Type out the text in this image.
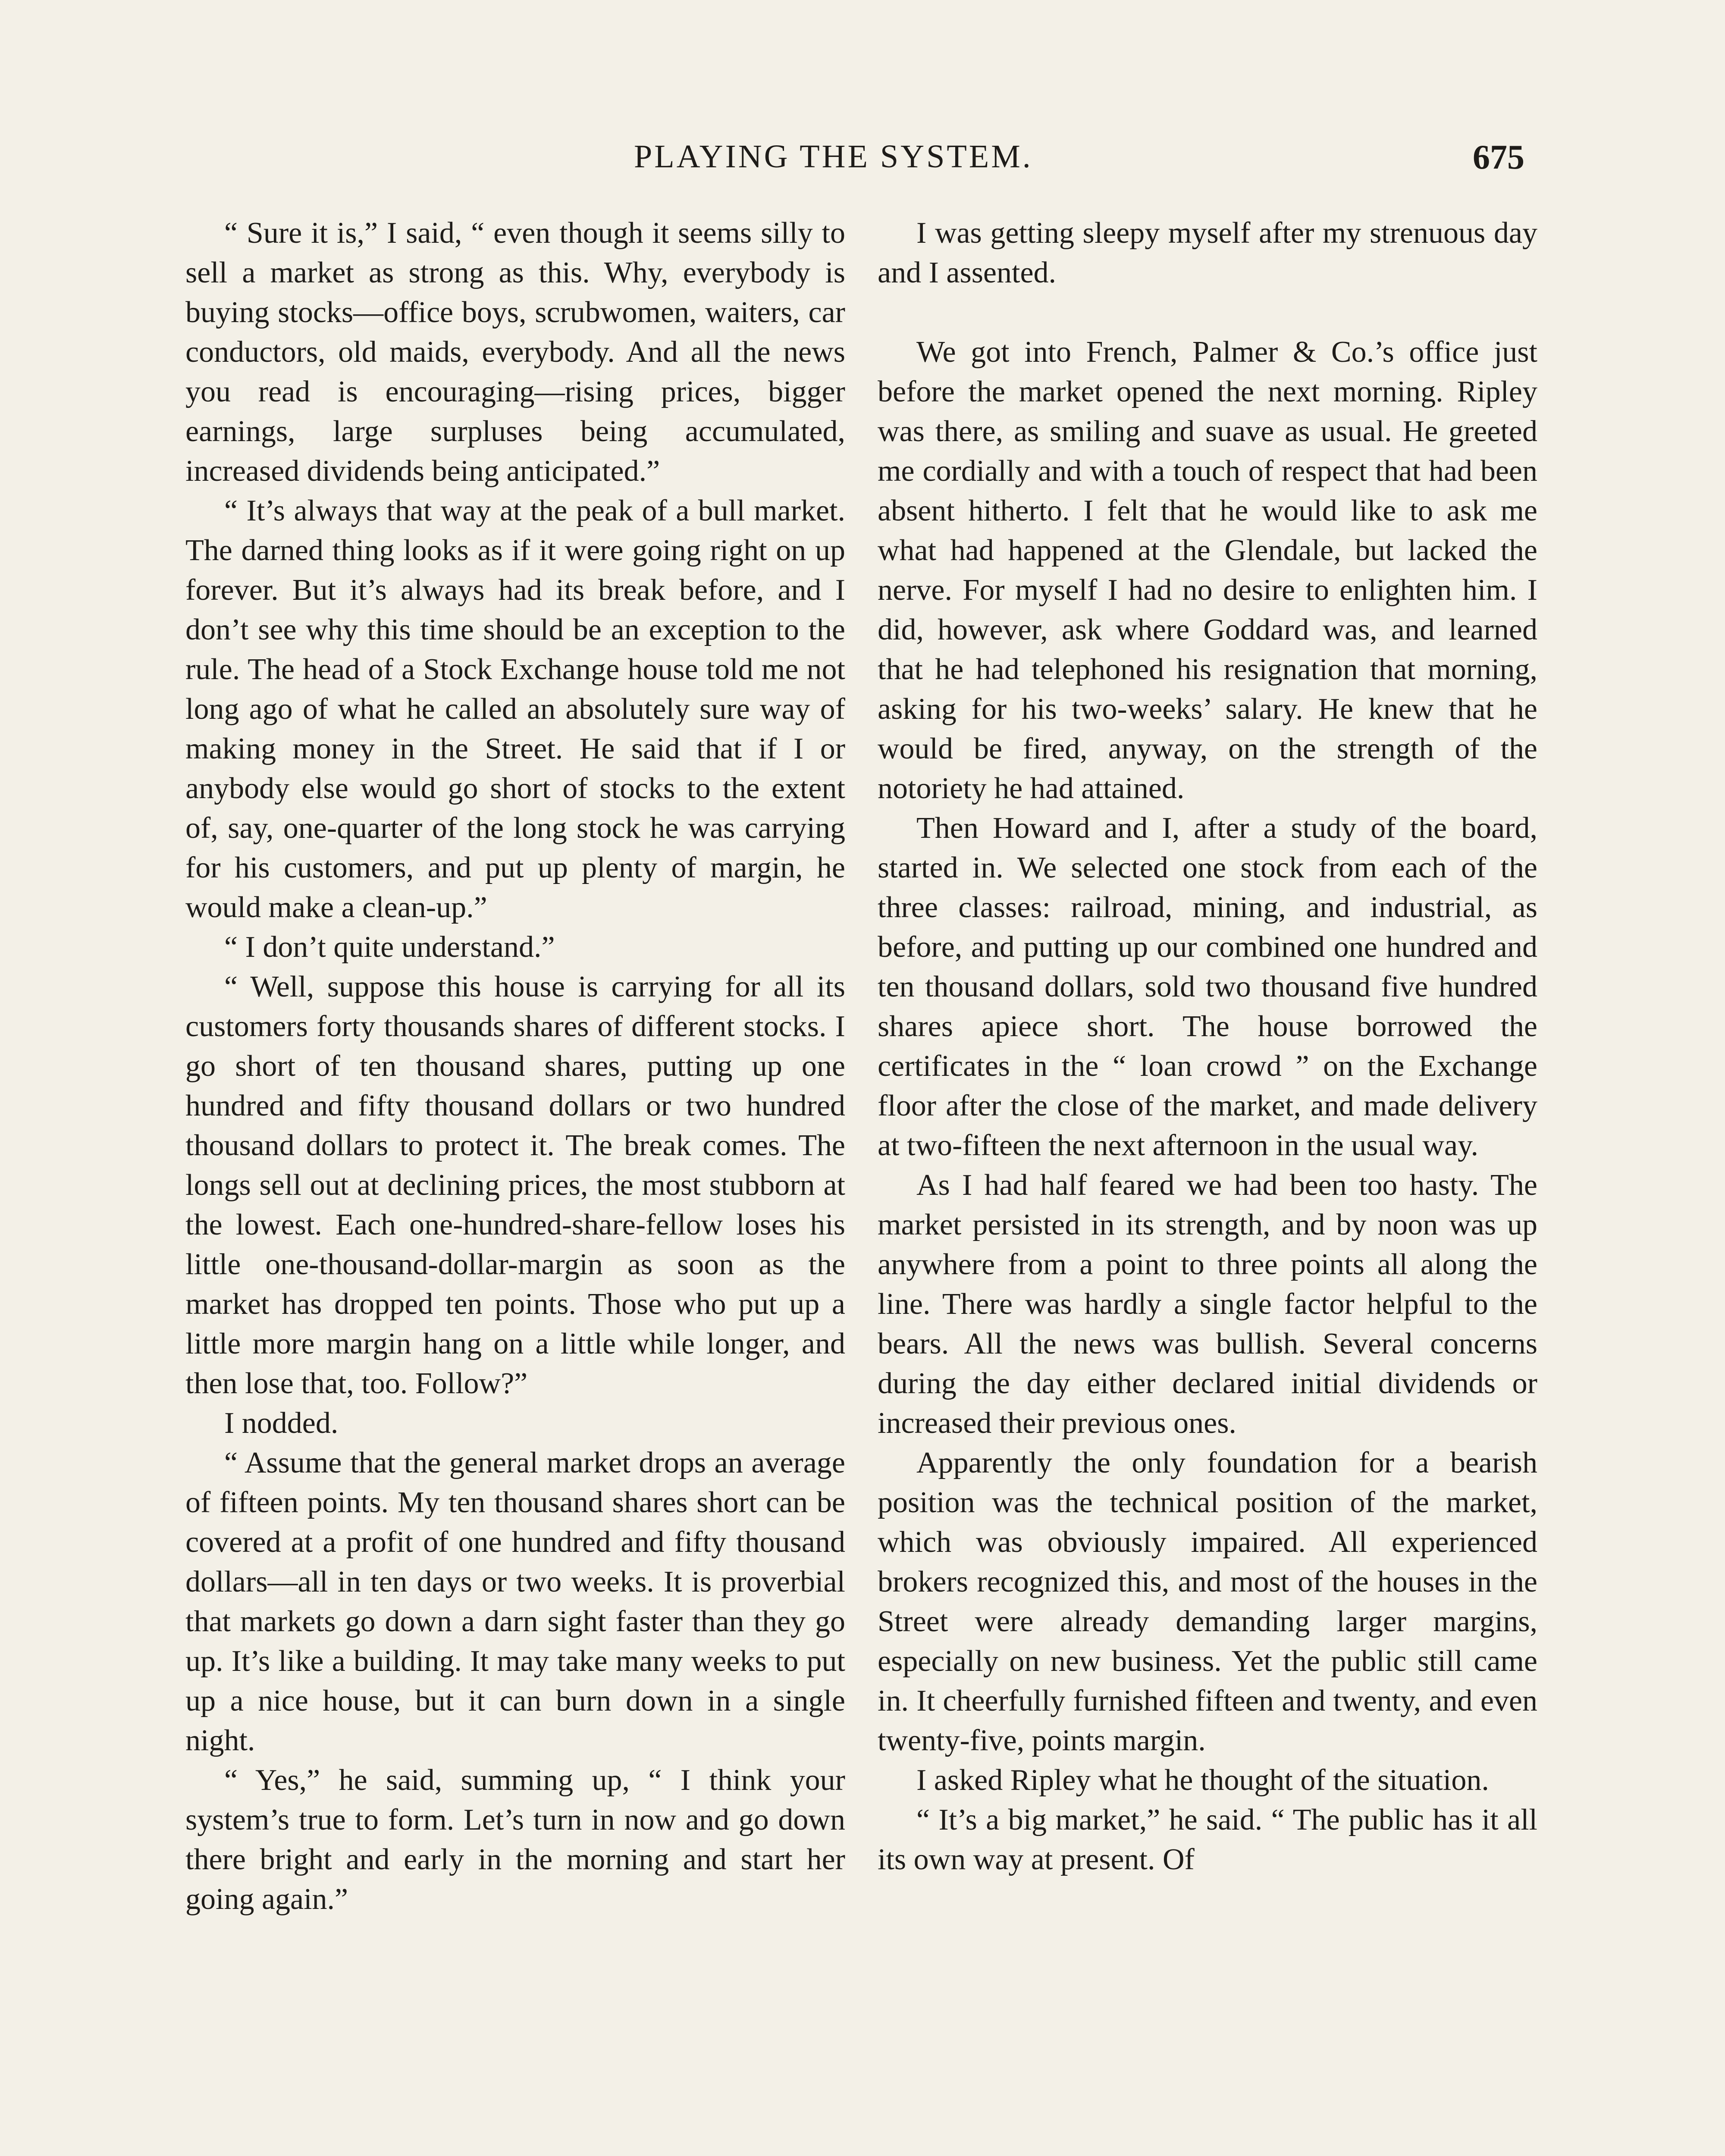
PLAYING THE SYSTEM.	675

“ Sure it is,” I said, “ even though it seems silly to sell a market as strong as this. Why, everybody is buying stocks—office boys, scrubwomen, waiters, car conductors, old maids, everybody. And all the news you read is encouraging—rising prices, bigger earnings, large surpluses being accumulated, increased dividends being anticipated.”

“ It’s always that way at the peak of a bull market. The darned thing looks as if it were going right on up forever. But it’s always had its break before, and I don’t see why this time should be an exception to the rule. The head of a Stock Exchange house told me not long ago of what he called an absolutely sure way of making money in the Street. He said that if I or anybody else would go short of stocks to the extent of, say, one-quarter of the long stock he was carrying for his customers, and put up plenty of margin, he would make a clean-up.”

“ I don’t quite understand.”

“ Well, suppose this house is carrying for all its customers forty thousands shares of different stocks. I go short of ten thousand shares, putting up one hundred and fifty thousand dollars or two hundred thousand dollars to protect it. The break comes. The longs sell out at declining prices, the most stubborn at the lowest. Each one-hundred-share-fellow loses his little one-thousand-dollar-margin as soon as the market has dropped ten points. Those who put up a little more margin hang on a little while longer, and then lose that, too. Follow?”

I nodded.

“ Assume that the general market drops an average of fifteen points. My ten thousand shares short can be covered at a profit of one hundred and fifty thousand dollars—all in ten days or two weeks. It is proverbial that markets go down a darn sight faster than they go up. It’s like a building. It may take many weeks to put up a nice house, but it can burn down in a single night.

“ Yes,” he said, summing up, “ I think your system’s true to form. Let’s turn in now and go down there bright and early in the morning and start her going again.”

I was getting sleepy myself after my strenuous day and I assented.

We got into French, Palmer & Co.’s office just before the market opened the next morning. Ripley was there, as smiling and suave as usual. He greeted me cordially and with a touch of respect that had been absent hitherto. I felt that he would like to ask me what had happened at the Glendale, but lacked the nerve. For myself I had no desire to enlighten him. I did, however, ask where Goddard was, and learned that he had telephoned his resignation that morning, asking for his two-weeks’ salary. He knew that he would be fired, anyway, on the strength of the notoriety he had attained.

Then Howard and I, after a study of the board, started in. We selected one stock from each of the three classes: railroad, mining, and industrial, as before, and putting up our combined one hundred and ten thousand dollars, sold two thousand five hundred shares apiece short. The house borrowed the certificates in the “ loan crowd ” on the Exchange floor after the close of the market, and made delivery at two-fifteen the next afternoon in the usual way.

As I had half feared we had been too hasty. The market persisted in its strength, and by noon was up anywhere from a point to three points all along the line. There was hardly a single factor helpful to the bears. All the news was bullish. Several concerns during the day either declared initial dividends or increased their previous ones.

Apparently the only foundation for a bearish position was the technical position of the market, which was obviously impaired. All experienced brokers recognized this, and most of the houses in the Street were already demanding larger margins, especially on new business. Yet the public still came in. It cheerfully furnished fifteen and twenty, and even twenty-five, points margin.

I asked Ripley what he thought of the situation.

“ It’s a big market,” he said. “ The public has it all its own way at present. Of
